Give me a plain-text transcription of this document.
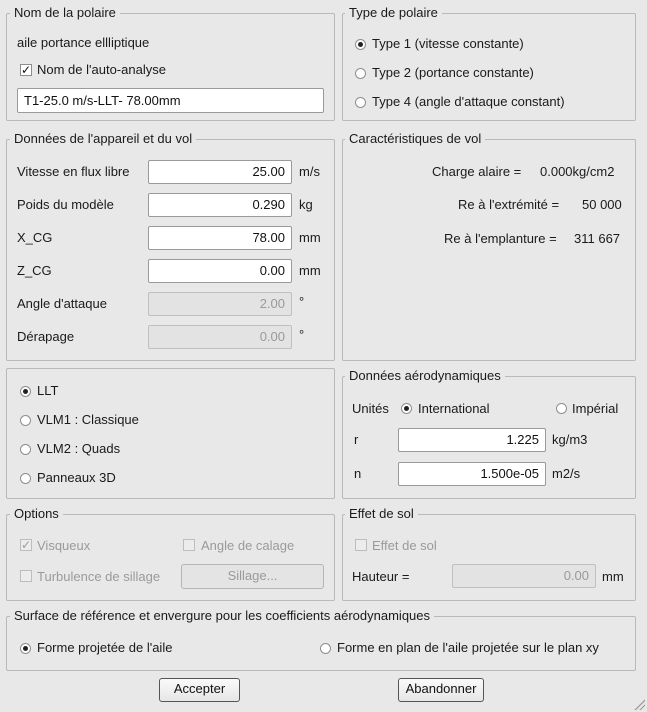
Nom de la polaire
aile portance ellliptique
✓ Nom de l'auto-analyse
T1-25.0 m/s-LLT- 78.00mm
Type de polaire
Type 1 (vitesse constante)
Type 2 (portance constante)
Type 4 (angle d'attaque constant)
Données de l'appareil et du vol
Vitesse en flux libre	25.00	m/s
Poids du modèle	0.290	kg
X_CG	78.00	mm
Z_CG	0.00	mm
Angle d'attaque	2.00	°
Dérapage	0.00	°
Caractéristiques de vol
Charge alaire = 0.000kg/cm2
Re à l'extrémité = 50 000
Re à l'emplanture = 311 667
LLT
VLM1 : Classique
VLM2 : Quads
Panneaux 3D
Données aérodynamiques
Unités International	Impérial
r	1.225	kg/m3
n	1.500e-05	m2/s
Options
✓ Visqueux	Angle de calage
Turbulence de sillage	Sillage...
Effet de sol
Effet de sol
Hauteur =	0.00	mm
Surface de référence et envergure pour les coefficients aérodynamiques
Forme projetée de l'aile	Forme en plan de l'aile projetée sur le plan xy
Accepter	Abandonner
